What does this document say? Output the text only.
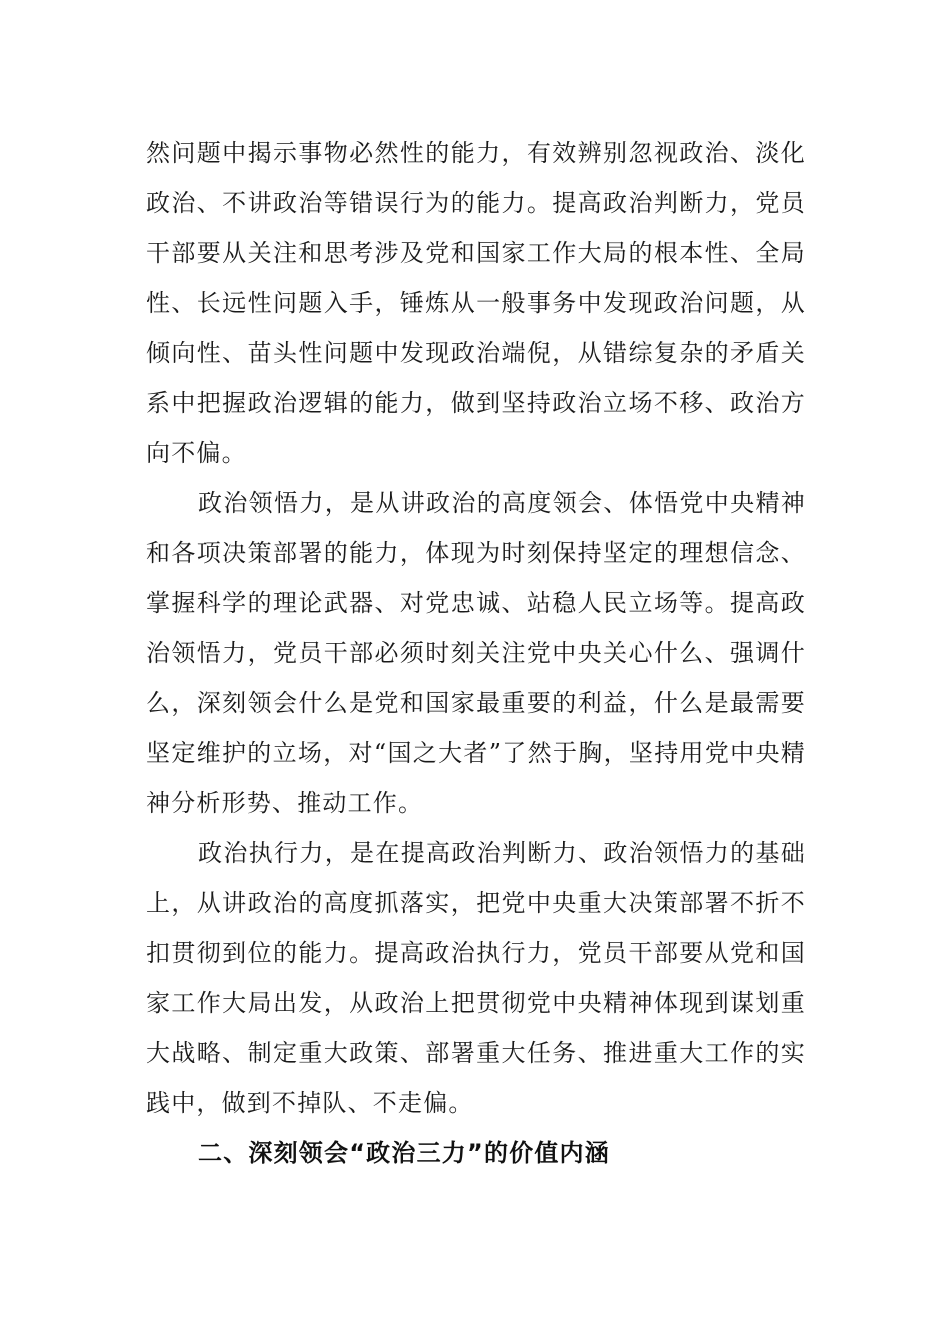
然问题中揭示事物必然性的能力，有效辨别忽视政治、淡化政治、不讲政治等错误行为的能力。提高政治判断力，党员干部要从关注和思考涉及党和国家工作大局的根本性、全局性、长远性问题入手，锤炼从一般事务中发现政治问题，从倾向性、苗头性问题中发现政治端倪，从错综复杂的矛盾关系中把握政治逻辑的能力，做到坚持政治立场不移、政治方向不偏。

政治领悟力，是从讲政治的高度领会、体悟党中央精神和各项决策部署的能力，体现为时刻保持坚定的理想信念、掌握科学的理论武器、对党忠诚、站稳人民立场等。提高政治领悟力，党员干部必须时刻关注党中央关心什么、强调什么，深刻领会什么是党和国家最重要的利益，什么是最需要坚定维护的立场，对“国之大者”了然于胸，坚持用党中央精神分析形势、推动工作。

政治执行力，是在提高政治判断力、政治领悟力的基础上，从讲政治的高度抓落实，把党中央重大决策部署不折不扣贯彻到位的能力。提高政治执行力，党员干部要从党和国家工作大局出发，从政治上把贯彻党中央精神体现到谋划重大战略、制定重大政策、部署重大任务、推进重大工作的实践中，做到不掉队、不走偏。

二、深刻领会“政治三力”的价值内涵
